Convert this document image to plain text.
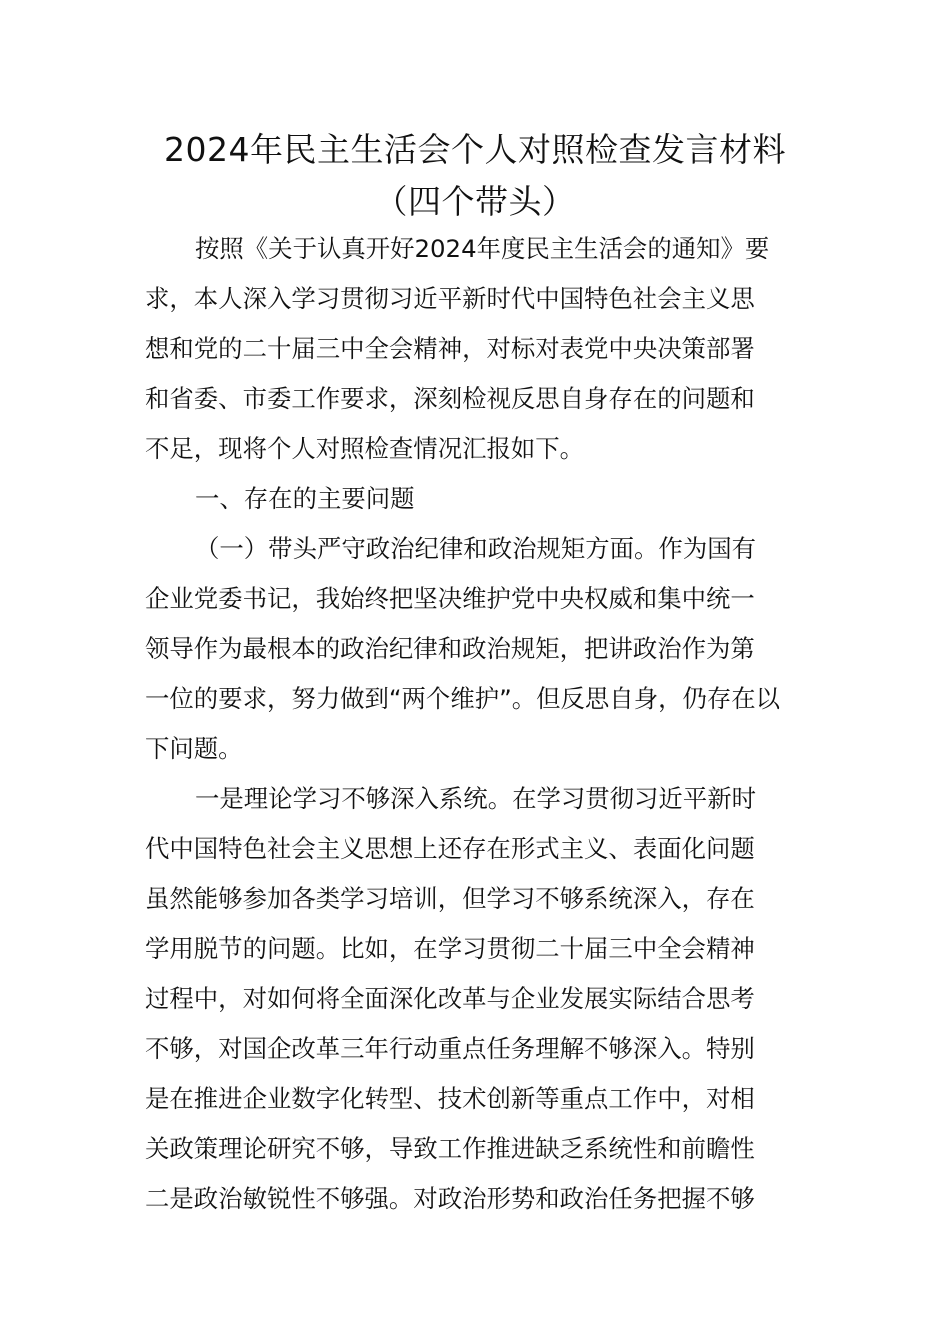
2024年民主生活会个人对照检查发言材料
（四个带头）
按照《关于认真开好2024年度民主生活会的通知》要
求，本人深入学习贯彻习近平新时代中国特色社会主义思
想和党的二十届三中全会精神，对标对表党中央决策部署
和省委、市委工作要求，深刻检视反思自身存在的问题和
不足，现将个人对照检查情况汇报如下。
一、存在的主要问题
（一）带头严守政治纪律和政治规矩方面。作为国有
企业党委书记，我始终把坚决维护党中央权威和集中统一
领导作为最根本的政治纪律和政治规矩，把讲政治作为第
一位的要求，努力做到“两个维护”。但反思自身，仍存在以
下问题。
一是理论学习不够深入系统。在学习贯彻习近平新时
代中国特色社会主义思想上还存在形式主义、表面化问题
虽然能够参加各类学习培训，但学习不够系统深入，存在
学用脱节的问题。比如，在学习贯彻二十届三中全会精神
过程中，对如何将全面深化改革与企业发展实际结合思考
不够，对国企改革三年行动重点任务理解不够深入。特别
是在推进企业数字化转型、技术创新等重点工作中，对相
关政策理论研究不够，导致工作推进缺乏系统性和前瞻性
二是政治敏锐性不够强。对政治形势和政治任务把握不够
